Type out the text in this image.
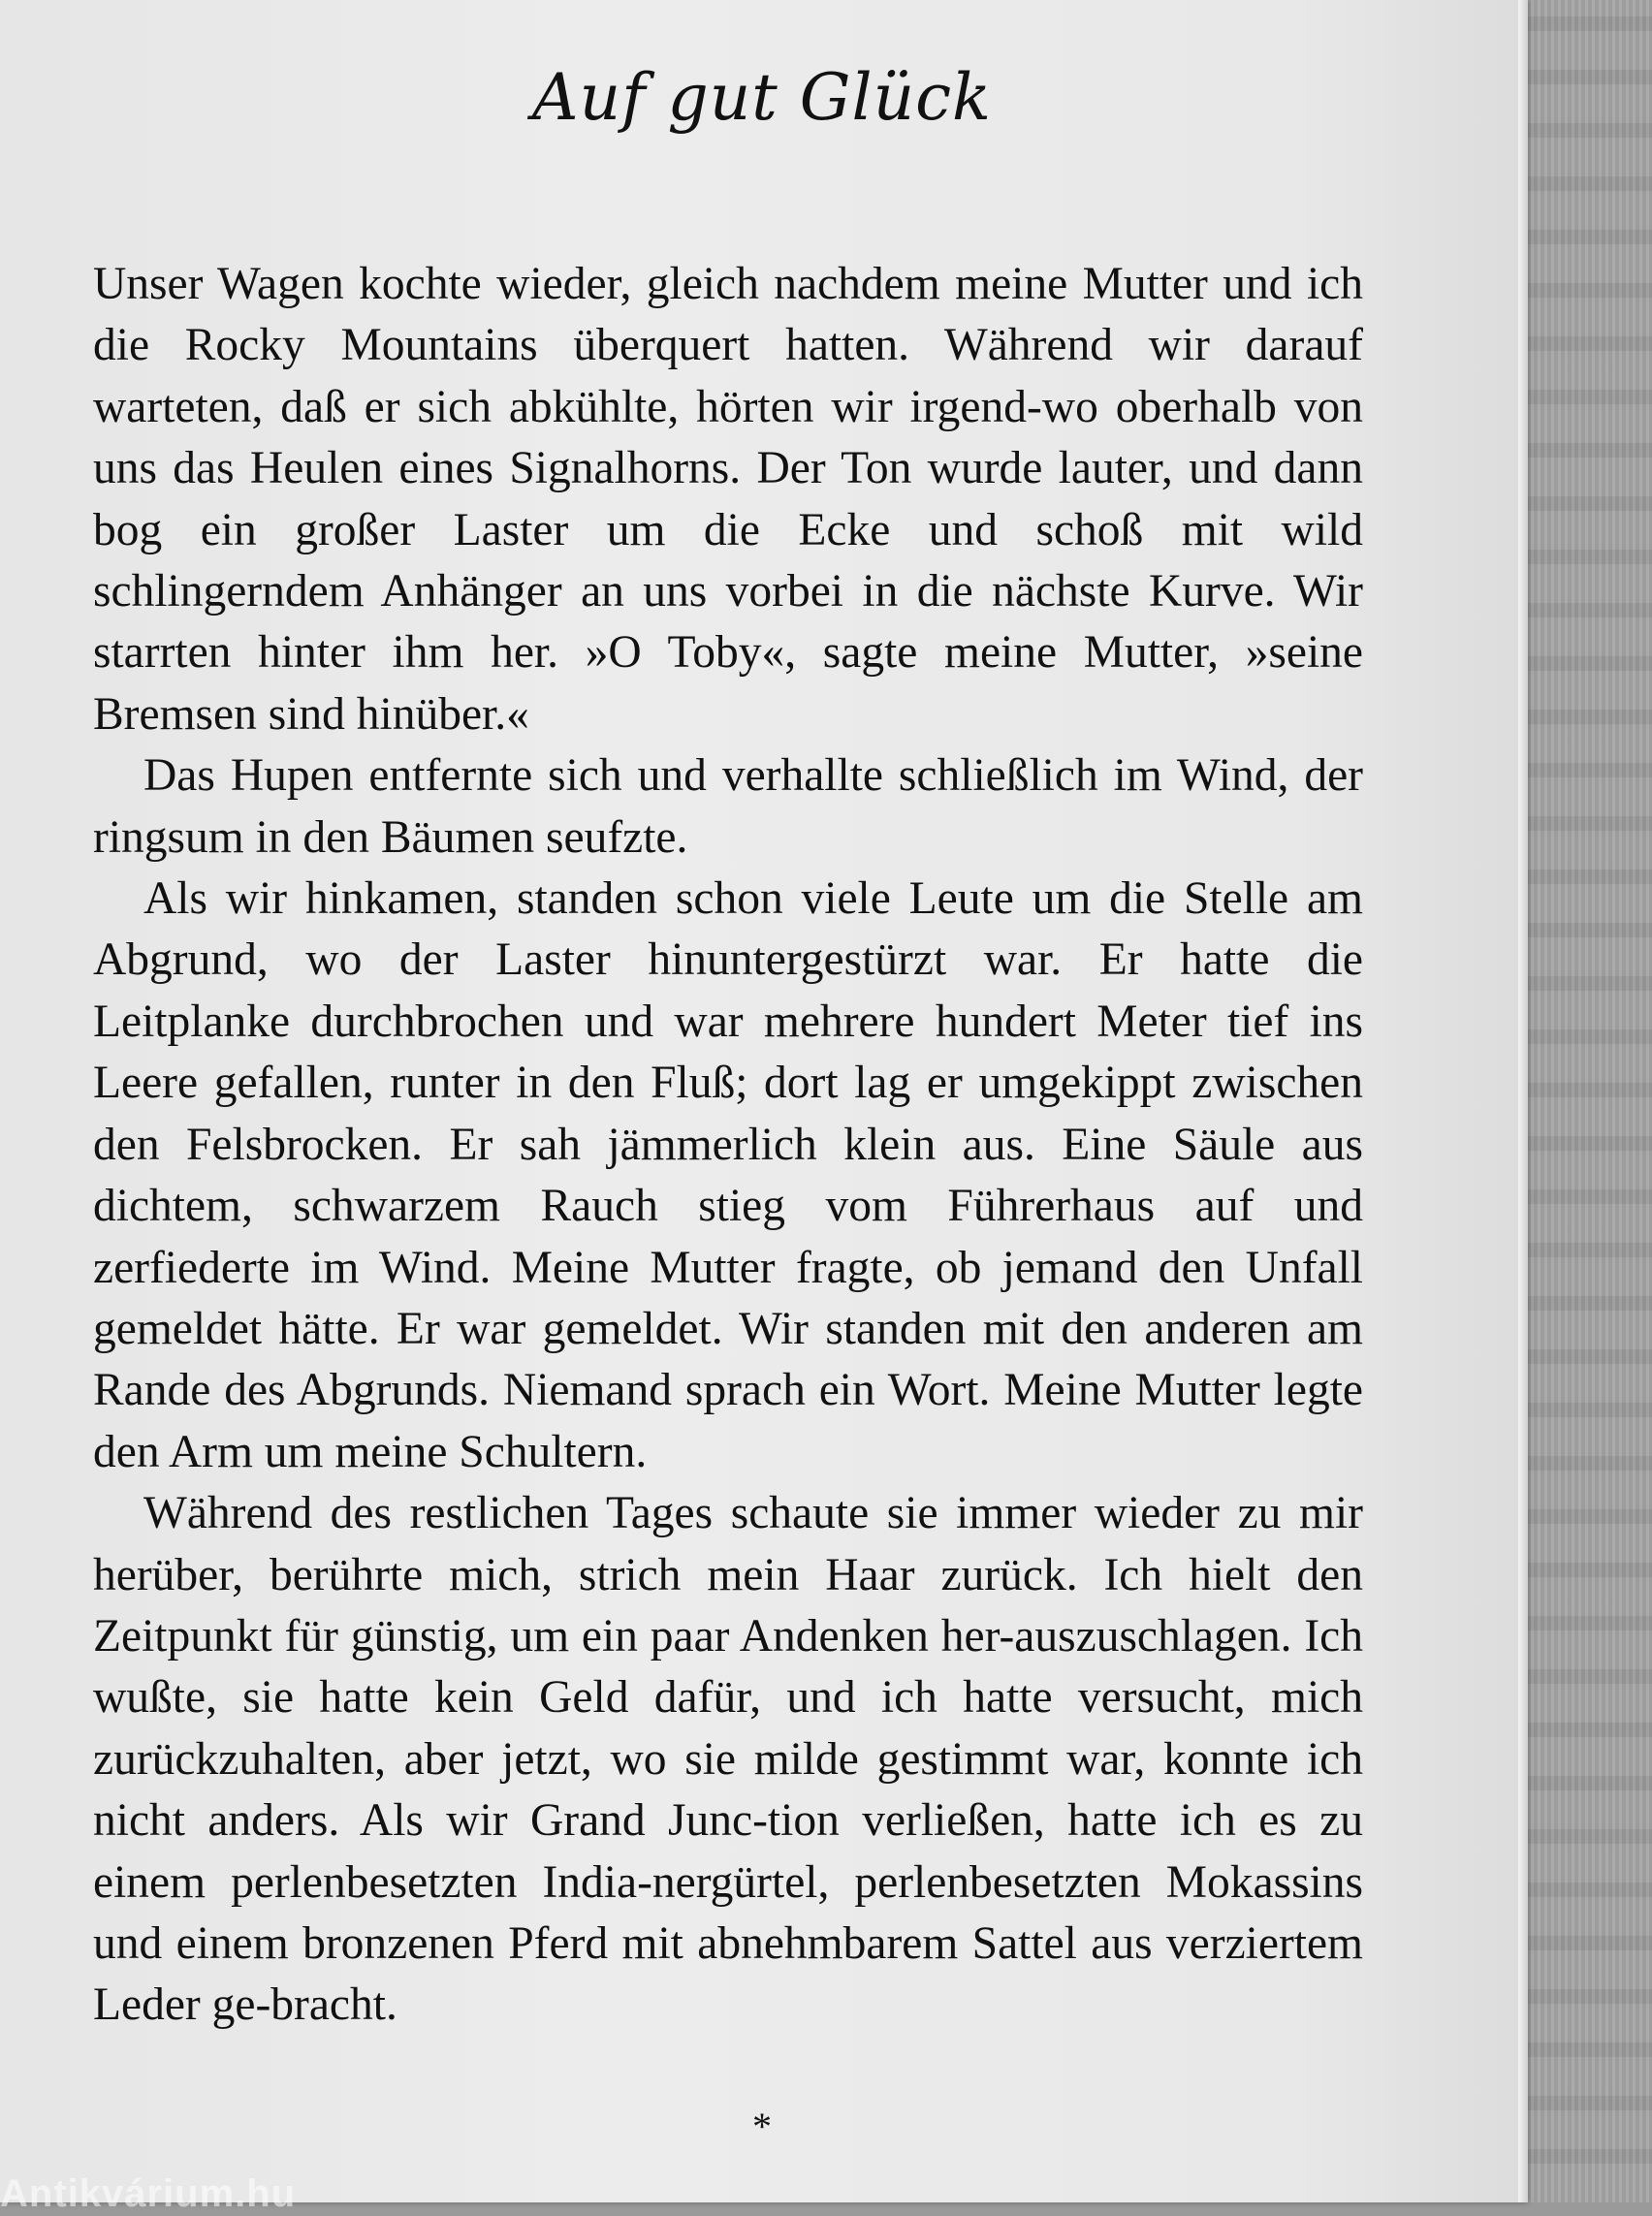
Auf gut Glück

Unser Wagen kochte wieder, gleich nachdem meine Mutter und ich die Rocky Mountains überquert hatten. Während wir darauf warteten, daß er sich abkühlte, hörten wir irgend-wo oberhalb von uns das Heulen eines Signalhorns. Der Ton wurde lauter, und dann bog ein großer Laster um die Ecke und schoß mit wild schlingerndem Anhänger an uns vorbei in die nächste Kurve. Wir starrten hinter ihm her. »O Toby«, sagte meine Mutter, »seine Bremsen sind hinüber.«

Das Hupen entfernte sich und verhallte schließlich im Wind, der ringsum in den Bäumen seufzte.

Als wir hinkamen, standen schon viele Leute um die Stelle am Abgrund, wo der Laster hinuntergestürzt war. Er hatte die Leitplanke durchbrochen und war mehrere hundert Meter tief ins Leere gefallen, runter in den Fluß; dort lag er umgekippt zwischen den Felsbrocken. Er sah jämmerlich klein aus. Eine Säule aus dichtem, schwarzem Rauch stieg vom Führerhaus auf und zerfiederte im Wind. Meine Mutter fragte, ob jemand den Unfall gemeldet hätte. Er war gemeldet. Wir standen mit den anderen am Rande des Abgrunds. Niemand sprach ein Wort. Meine Mutter legte den Arm um meine Schultern.

Während des restlichen Tages schaute sie immer wieder zu mir herüber, berührte mich, strich mein Haar zurück. Ich hielt den Zeitpunkt für günstig, um ein paar Andenken her-auszuschlagen. Ich wußte, sie hatte kein Geld dafür, und ich hatte versucht, mich zurückzuhalten, aber jetzt, wo sie milde gestimmt war, konnte ich nicht anders. Als wir Grand Junc-tion verließen, hatte ich es zu einem perlenbesetzten India-nergürtel, perlenbesetzten Mokassins und einem bronzenen Pferd mit abnehmbarem Sattel aus verziertem Leder ge-bracht.

*
Antikvárium.hu
